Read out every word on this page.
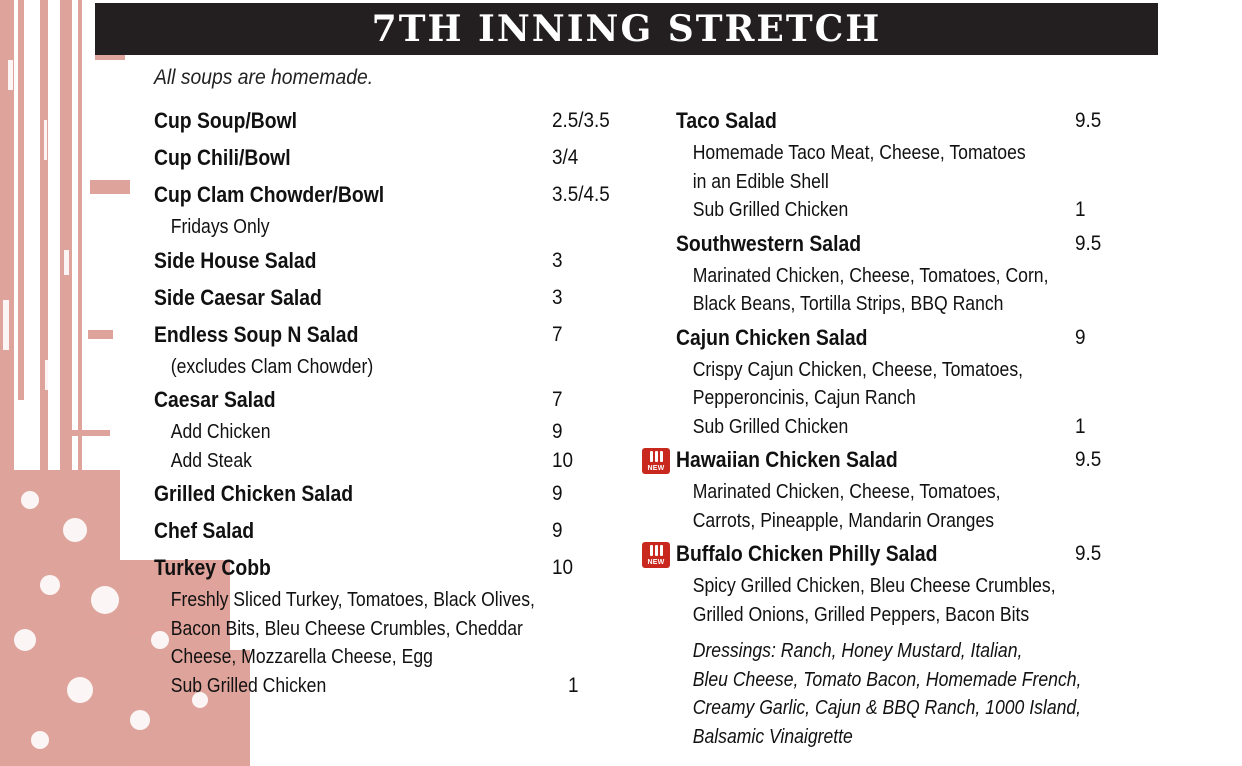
7TH INNING STRETCH
All soups are homemade.
Cup Soup/Bowl	2.5/3.5
Cup Chili/Bowl	3/4
Cup Clam Chowder/Bowl	3.5/4.5
Fridays Only
Side House Salad	3
Side Caesar Salad	3
Endless Soup N Salad	7
(excludes Clam Chowder)
Caesar Salad	7
Add Chicken	9
Add Steak	10
Grilled Chicken Salad	9
Chef Salad	9
Turkey Cobb	10
Freshly Sliced Turkey, Tomatoes, Black Olives,
Bacon Bits, Bleu Cheese Crumbles, Cheddar
Cheese, Mozzarella Cheese, Egg
Sub Grilled Chicken	1
Taco Salad	9.5
Homemade Taco Meat, Cheese, Tomatoes
in an Edible Shell
Sub Grilled Chicken	1
Southwestern Salad	9.5
Marinated Chicken, Cheese, Tomatoes, Corn,
Black Beans, Tortilla Strips, BBQ Ranch
Cajun Chicken Salad	9
Crispy Cajun Chicken, Cheese, Tomatoes,
Pepperoncinis, Cajun Ranch
Sub Grilled Chicken	1
NEW Hawaiian Chicken Salad	9.5
Marinated Chicken, Cheese, Tomatoes,
Carrots, Pineapple, Mandarin Oranges
NEW Buffalo Chicken Philly Salad	9.5
Spicy Grilled Chicken, Bleu Cheese Crumbles,
Grilled Onions, Grilled Peppers, Bacon Bits
Dressings: Ranch, Honey Mustard, Italian,
Bleu Cheese, Tomato Bacon, Homemade French,
Creamy Garlic, Cajun & BBQ Ranch, 1000 Island,
Balsamic Vinaigrette
